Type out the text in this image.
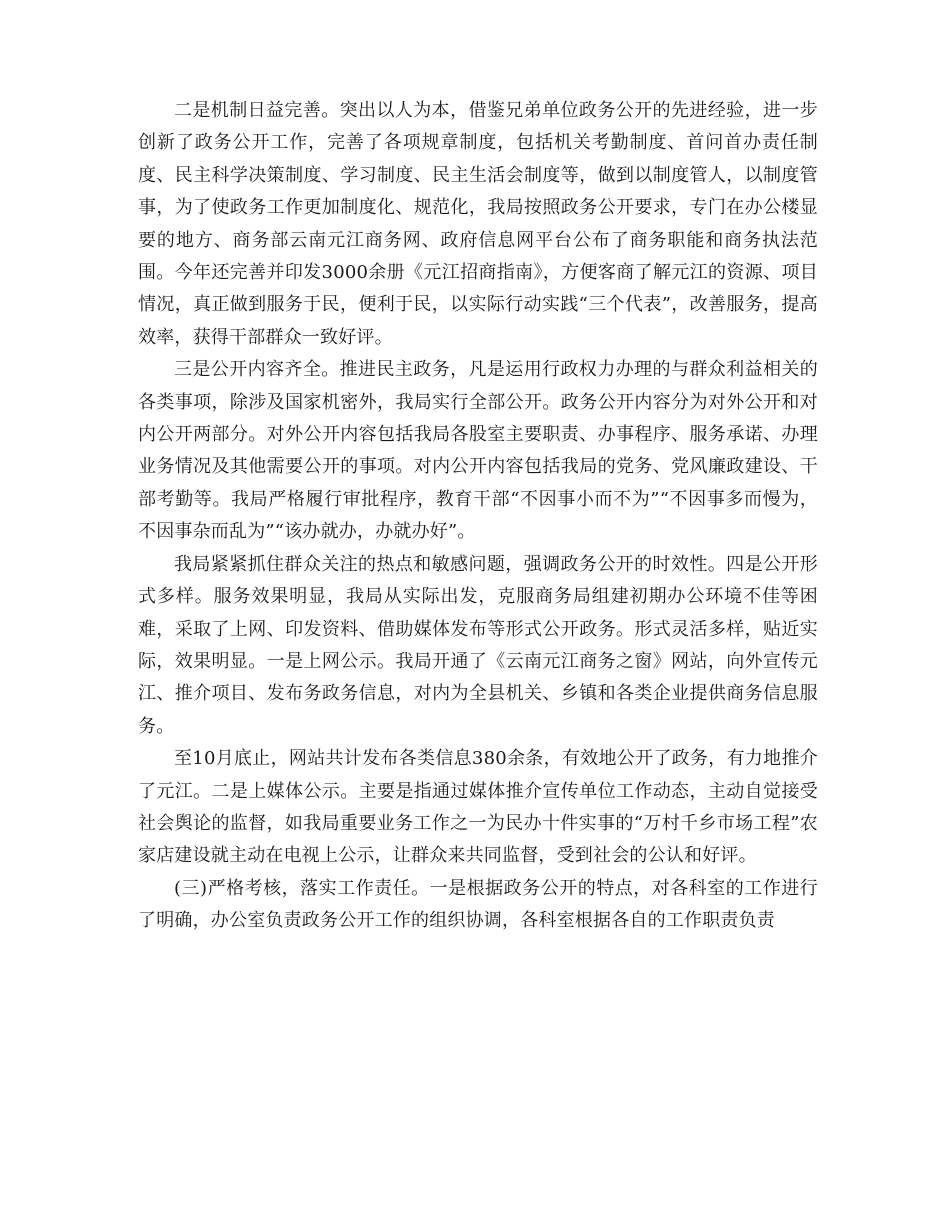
二是机制日益完善。突出以人为本，借鉴兄弟单位政务公开的先进经验，进一步创新了政务公开工作，完善了各项规章制度，包括机关考勤制度、首问首办责任制度、民主科学决策制度、学习制度、民主生活会制度等，做到以制度管人，以制度管事，为了使政务工作更加制度化、规范化，我局按照政务公开要求，专门在办公楼显要的地方、商务部云南元江商务网、政府信息网平台公布了商务职能和商务执法范围。今年还完善并印发3000余册《元江招商指南》，方便客商了解元江的资源、项目情况，真正做到服务于民，便利于民，以实际行动实践“三个代表”，改善服务，提高效率，获得干部群众一致好评。

三是公开内容齐全。推进民主政务，凡是运用行政权力办理的与群众利益相关的各类事项，除涉及国家机密外，我局实行全部公开。政务公开内容分为对外公开和对内公开两部分。对外公开内容包括我局各股室主要职责、办事程序、服务承诺、办理业务情况及其他需要公开的事项。对内公开内容包括我局的党务、党风廉政建设、干部考勤等。我局严格履行审批程序，教育干部“不因事小而不为”“不因事多而慢为，不因事杂而乱为”“该办就办，办就办好”。

我局紧紧抓住群众关注的热点和敏感问题，强调政务公开的时效性。四是公开形式多样。服务效果明显，我局从实际出发，克服商务局组建初期办公环境不佳等困难，采取了上网、印发资料、借助媒体发布等形式公开政务。形式灵活多样，贴近实际，效果明显。一是上网公示。我局开通了《云南元江商务之窗》网站，向外宣传元江、推介项目、发布务政务信息，对内为全县机关、乡镇和各类企业提供商务信息服务。

至10月底止，网站共计发布各类信息380余条，有效地公开了政务，有力地推介了元江。二是上媒体公示。主要是指通过媒体推介宣传单位工作动态，主动自觉接受社会舆论的监督，如我局重要业务工作之一为民办十件实事的“万村千乡市场工程”农家店建设就主动在电视上公示，让群众来共同监督，受到社会的公认和好评。

(三)严格考核，落实工作责任。一是根据政务公开的特点，对各科室的工作进行了明确，办公室负责政务公开工作的组织协调，各科室根据各自的工作职责负责
